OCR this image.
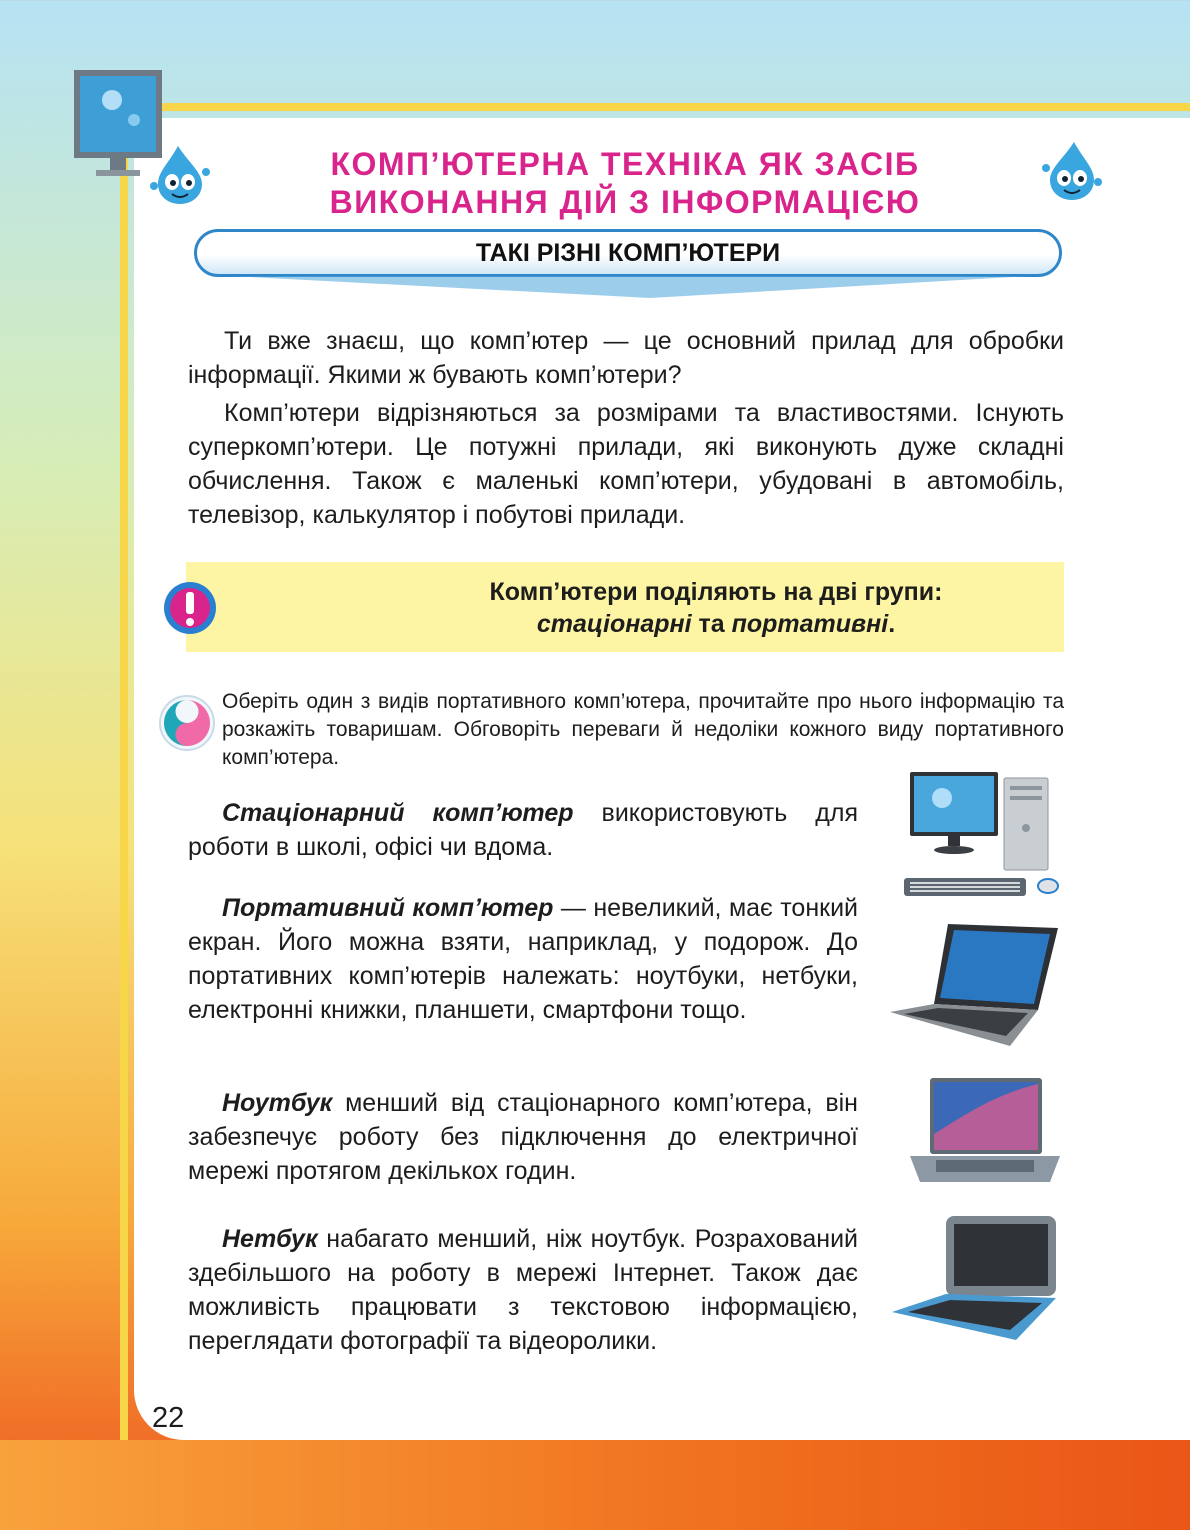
КОМП’ЮТЕРНА ТЕХНІКА ЯК ЗАСІБ
ВИКОНАННЯ ДІЙ З ІНФОРМАЦІЄЮ
ТАКІ РІЗНІ КОМП’ЮТЕРИ
Ти вже знаєш, що комп’ютер — це основний прилад для обробки інформації. Якими ж бувають комп’ютери?
Комп’ютери відрізняються за розмірами та властивостями. Існують суперкомп’ютери. Це потужні прилади, які виконують дуже складні обчислення. Також є маленькі комп’ютери, убудовані в автомобіль, телевізор, калькулятор і побутові прилади.
Комп’ютери поділяють на дві групи:
стаціонарні та портативні.
Оберіть один з видів портативного комп’ютера, прочитайте про нього інформацію та розкажіть товаришам. Обговоріть переваги й недоліки кожного виду портативного комп’ютера.
Стаціонарний комп’ютер використовують для роботи в школі, офісі чи вдома.
Портативний комп’ютер — невеликий, має тонкий екран. Його можна взяти, наприклад, у подорож. До портативних комп’ютерів належать: ноутбуки, нетбуки, електронні книжки, планшети, смартфони тощо.
Ноутбук менший від стаціонарного комп’ютера, він забезпечує роботу без підключення до електричної мережі протягом декількох годин.
Нетбук набагато менший, ніж ноутбук. Розрахований здебільшого на роботу в мережі Інтернет. Також дає можливість працювати з текстовою інформацією, переглядати фотографії та відеоролики.
22
